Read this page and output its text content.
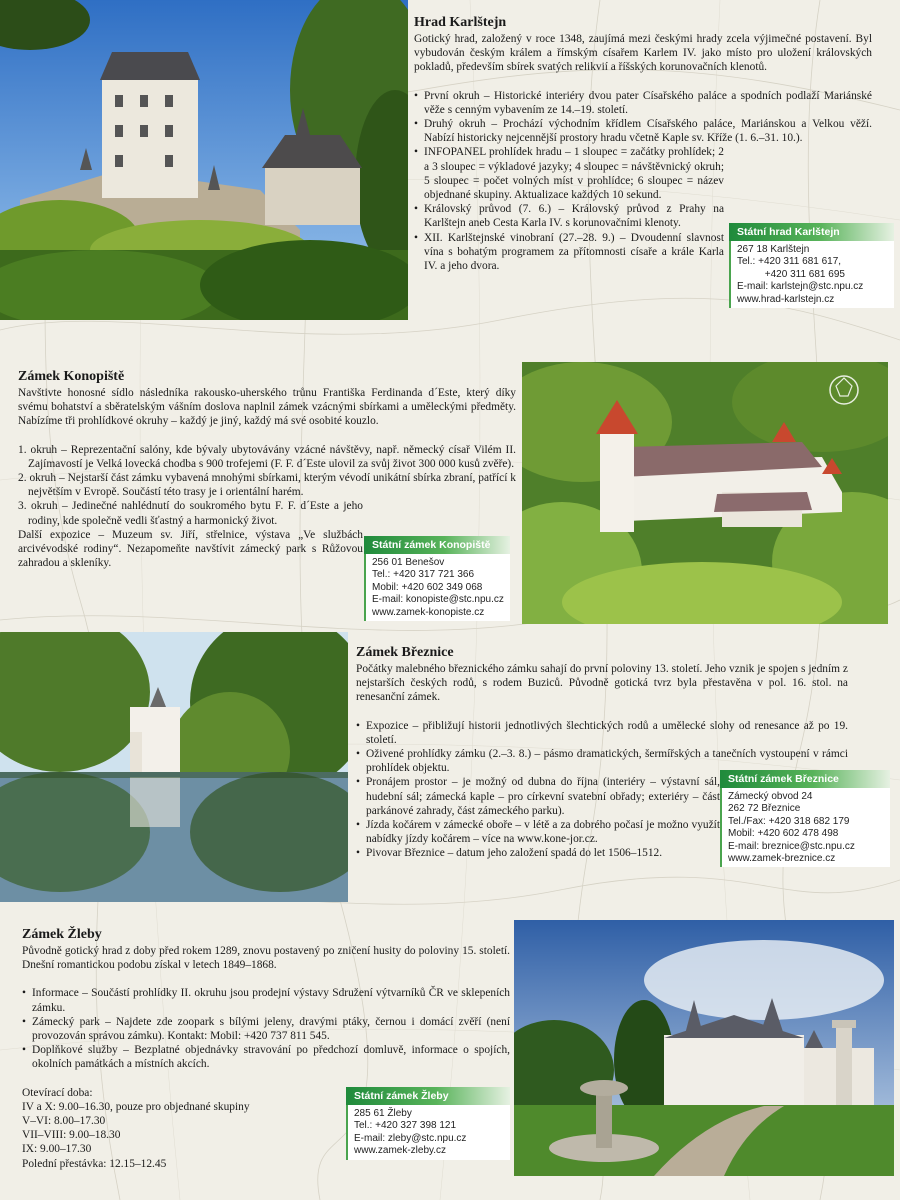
Hrad Karlštejn
Gotický hrad, založený v roce 1348, zaujímá mezi českými hrady zcela výjimečné postavení. Byl vybudován českým králem a římským císařem Karlem IV. jako místo pro uložení královských pokladů, především sbírek svatých relikvií a říšských korunovačních klenotů.
• První okruh – Historické interiéry dvou pater Císařského paláce a spodních podlaží Mariánské věže s cenným vybavením ze 14.–19. století.
• Druhý okruh – Prochází východním křídlem Císařského paláce, Mariánskou a Velkou věží. Nabízí historicky nejcennější prostory hradu včetně Kaple sv. Kříže (1. 6.–31. 10.).
• INFOPANEL prohlídek hradu – 1 sloupec = začátky prohlídek; 2 a 3 sloupec = výkladové jazyky; 4 sloupec = návštěvnický okruh; 5 sloupec = počet volných míst v prohlídce; 6 sloupec = název objednané skupiny. Aktualizace každých 10 sekund.
• Královský průvod (7. 6.) – Královský průvod z Prahy na Karlštejn aneb Cesta Karla IV. s korunovačními klenoty.
• XII. Karlštejnské vinobraní (27.–28. 9.) – Dvoudenní slavnost vína s bohatým programem za přítomnosti císaře a krále Karla IV. a jeho dvora.
Státní hrad Karlštejn
267 18 Karlštejn
Tel.: +420 311 681 617,
+420 311 681 695
E-mail: karlstejn@stc.npu.cz
www.hrad-karlstejn.cz
Zámek Konopiště
Navštivte honosné sídlo následníka rakousko-uherského trůnu Františka Ferdinanda d´Este, který díky svému bohatství a sběratelským vášním doslova naplnil zámek vzácnými sbírkami a uměleckými předměty. Nabízíme tři prohlídkové okruhy – každý je jiný, každý má své osobité kouzlo.
1. okruh – Reprezentační salóny, kde bývaly ubytovávány vzácné návštěvy, např. německý císař Vilém II. Zajímavostí je Velká lovecká chodba s 900 trofejemi (F. F. d´Este ulovil za svůj život 300 000 kusů zvěře).
2. okruh – Nejstarší část zámku vybavená mnohými sbírkami, kterým vévodí unikátní sbírka zbraní, patřící k největším v Evropě. Součástí této trasy je i orientální harém.
3. okruh – Jedinečné nahlédnutí do soukromého bytu F. F. d´Este a jeho rodiny, kde společně vedli šťastný a harmonický život.
Další expozice – Muzeum sv. Jiří, střelnice, výstava „Ve službách arcivévodské rodiny“. Nezapomeňte navštívit zámecký park s Růžovou zahradou a skleníky.
Státní zámek Konopiště
256 01 Benešov
Tel.: +420 317 721 366
Mobil: +420 602 349 068
E-mail: konopiste@stc.npu.cz
www.zamek-konopiste.cz
Zámek Březnice
Počátky malebného březnického zámku sahají do první poloviny 13. století. Jeho vznik je spojen s jedním z nejstarších českých rodů, s rodem Buziců. Původně gotická tvrz byla přestavěna v pol. 16. stol. na renesanční zámek.
• Expozice – přibližují historii jednotlivých šlechtických rodů a umělecké slohy od renesance až po 19. století.
• Oživené prohlídky zámku (2.–3. 8.) – pásmo dramatických, šermířských a tanečních vystoupení v rámci prohlídek objektu.
• Pronájem prostor – je možný od dubna do října (interiéry – výstavní sál, hudební sál; zámecká kaple – pro církevní svatební obřady; exteriéry – část parkánové zahrady, část zámeckého parku).
• Jízda kočárem v zámecké oboře – v létě a za dobrého počasí je možno využít nabídky jízdy kočárem – více na www.kone-jor.cz.
• Pivovar Březnice – datum jeho založení spadá do let 1506–1512.
Státní zámek Březnice
Zámecký obvod 24
262 72 Březnice
Tel./Fax: +420 318 682 179
Mobil: +420 602 478 498
E-mail: breznice@stc.npu.cz
www.zamek-breznice.cz
Zámek Žleby
Původně gotický hrad z doby před rokem 1289, znovu postavený po zničení husity do poloviny 15. století. Dnešní romantickou podobu získal v letech 1849–1868.
• Informace – Součástí prohlídky II. okruhu jsou prodejní výstavy Sdružení výtvarníků ČR ve sklepeních zámku.
• Zámecký park – Najdete zde zoopark s bílými jeleny, dravými ptáky, černou i domácí zvěří (není provozován správou zámku). Kontakt: Mobil: +420 737 811 545.
• Doplňkové služby – Bezplatné objednávky stravování po předchozí domluvě, informace o spojích, okolních památkách a místních akcích.
Otevírací doba:
IV a X: 9.00–16.30, pouze pro objednané skupiny
V–VI: 8.00–17.30
VII–VIII: 9.00–18.30
IX: 9.00–17.30
Polední přestávka: 12.15–12.45
Státní zámek Žleby
285 61 Žleby
Tel.: +420 327 398 121
E-mail: zleby@stc.npu.cz
www.zamek-zleby.cz
